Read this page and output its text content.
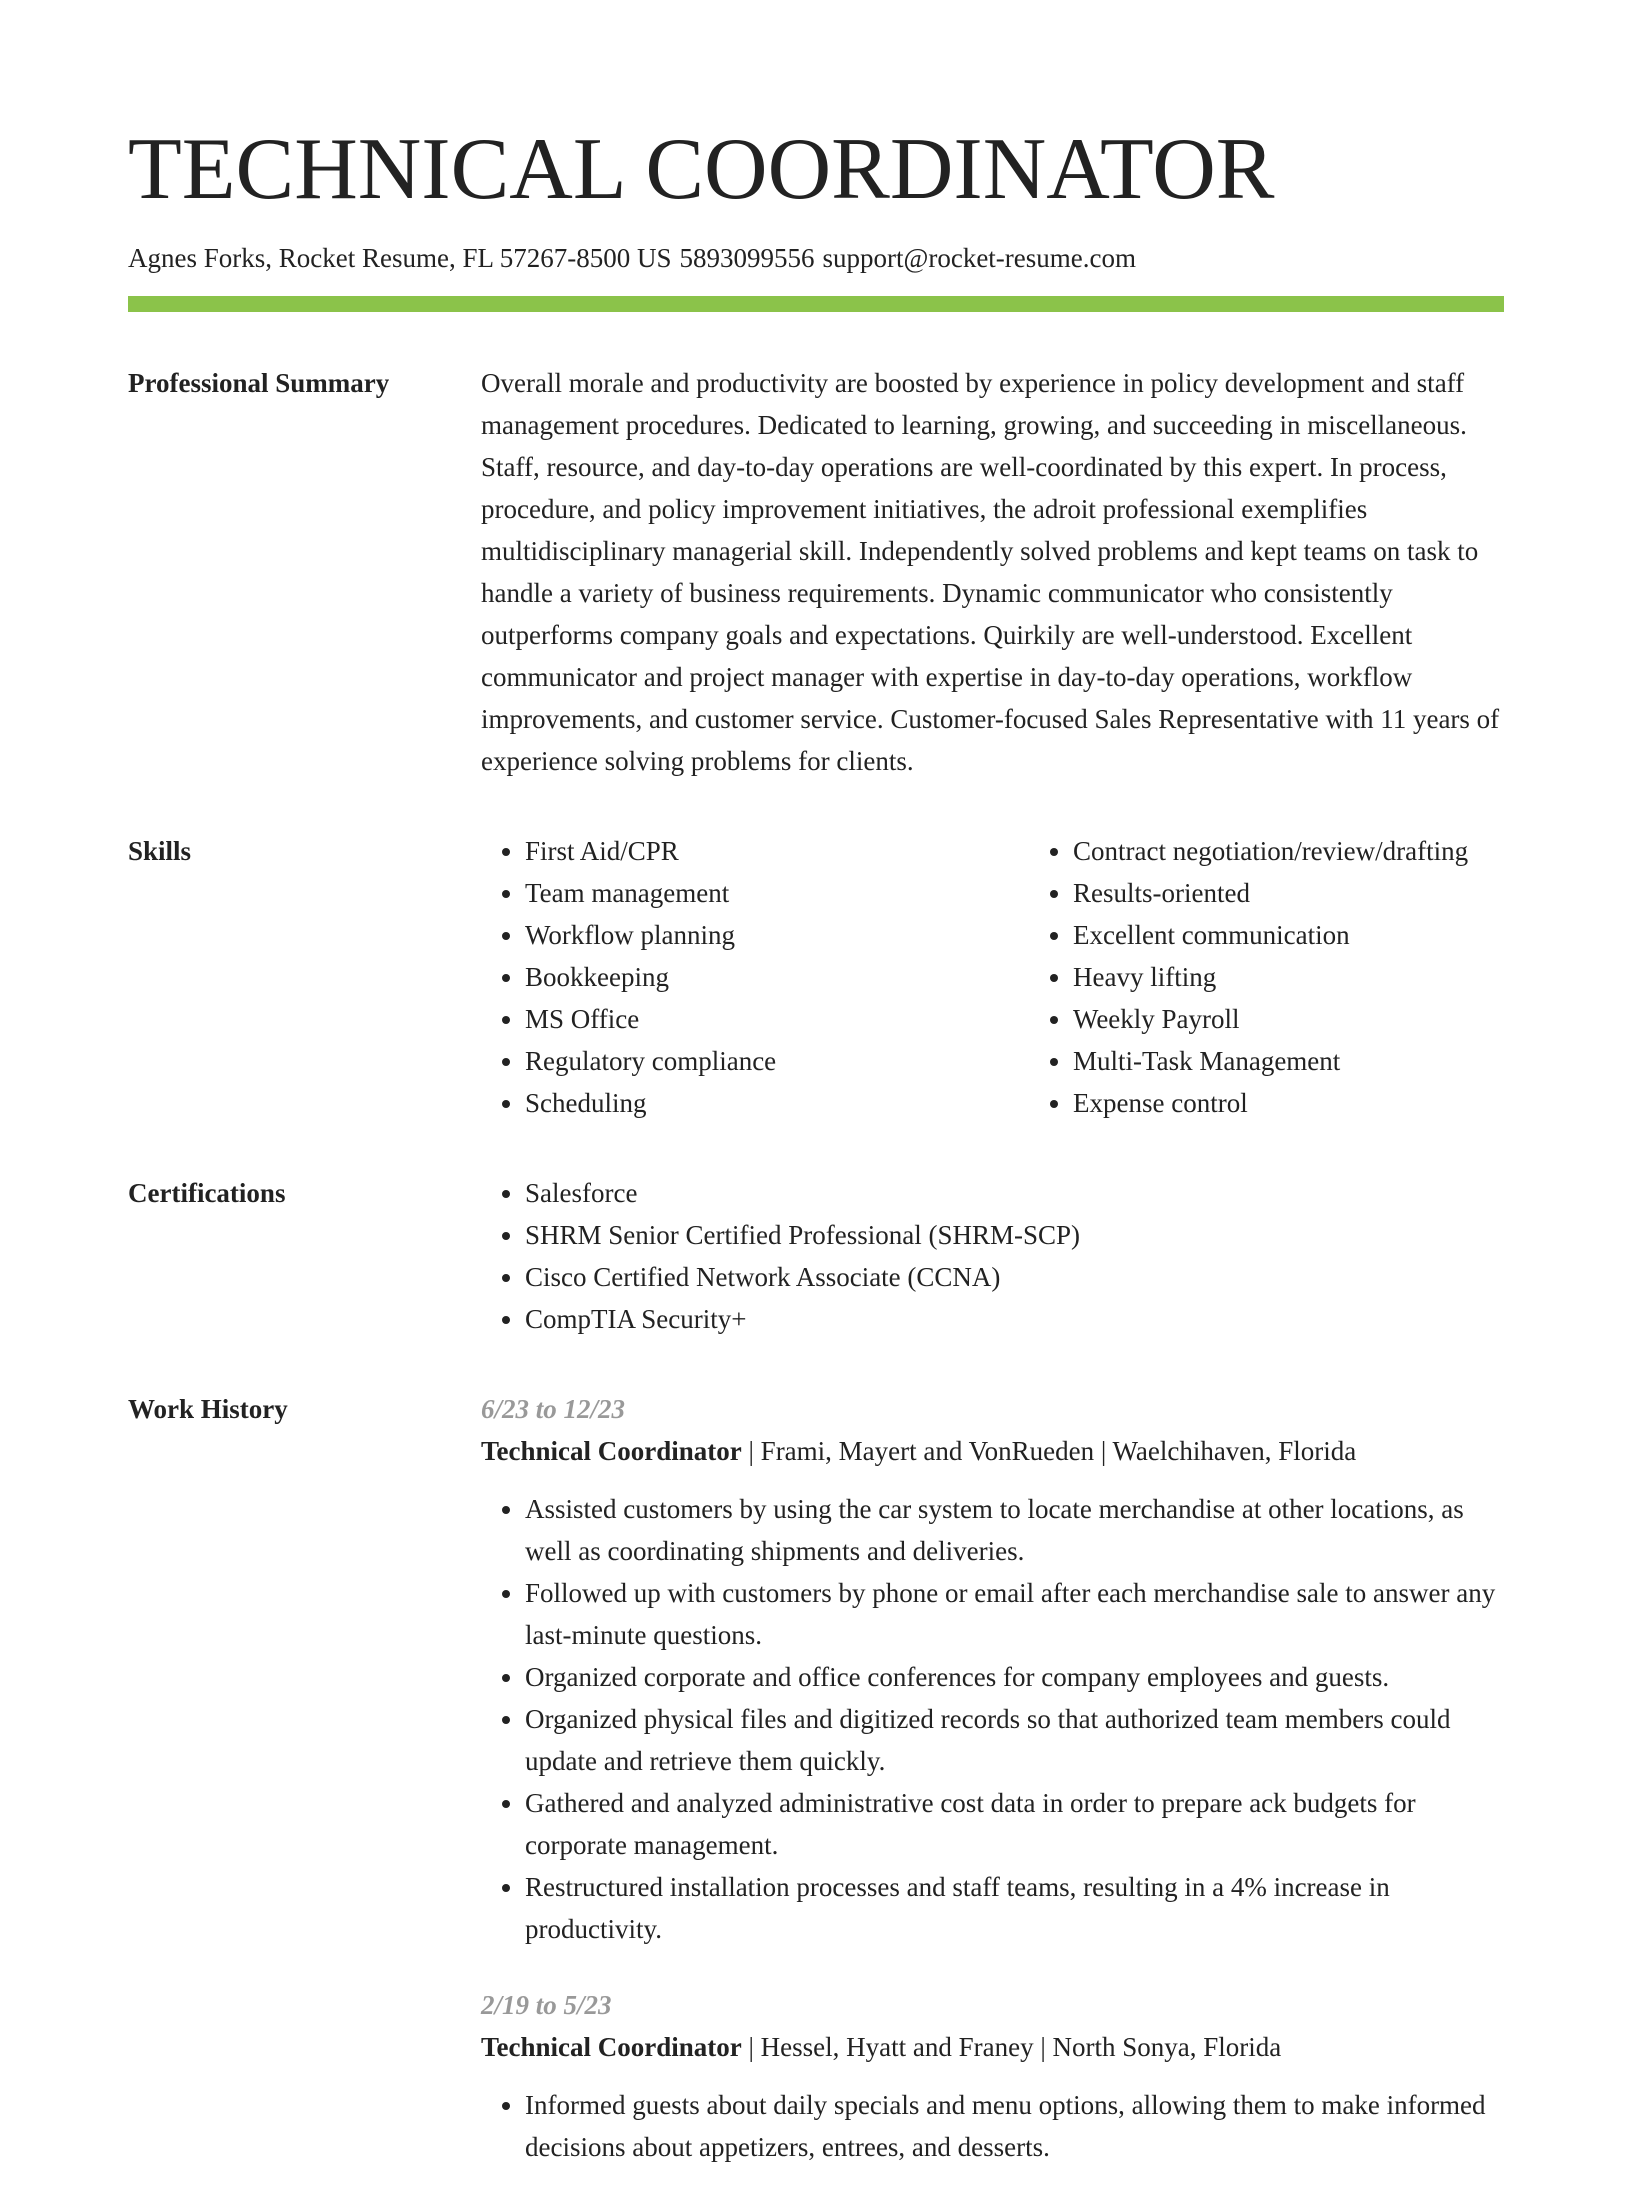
TECHNICAL COORDINATOR
Agnes Forks, Rocket Resume, FL 57267-8500 US 5893099556 support@rocket-resume.com
Professional Summary	Overall morale and productivity are boosted by experience in policy development and staff management procedures. Dedicated to learning, growing, and succeeding in miscellaneous. Staff, resource, and day-to-day operations are well-coordinated by this expert. In process, procedure, and policy improvement initiatives, the adroit professional exemplifies multidisciplinary managerial skill. Independently solved problems and kept teams on task to handle a variety of business requirements. Dynamic communicator who consistently outperforms company goals and expectations. Quirkily are well-understood. Excellent communicator and project manager with expertise in day-to-day operations, workflow improvements, and customer service. Customer-focused Sales Representative with 11 years of experience solving problems for clients.

Skills	• First Aid/CPR
• Team management
• Workflow planning
• Bookkeeping
• MS Office
• Regulatory compliance
• Scheduling
• Contract negotiation/review/drafting
• Results-oriented
• Excellent communication
• Heavy lifting
• Weekly Payroll
• Multi-Task Management
• Expense control
Certifications	• Salesforce
• SHRM Senior Certified Professional (SHRM-SCP)
• Cisco Certified Network Associate (CCNA)
• CompTIA Security+
Work History	6/23 to 12/23
Technical Coordinator | Frami, Mayert and VonRueden | Waelchihaven, Florida
• Assisted customers by using the car system to locate merchandise at other locations, as well as coordinating shipments and deliveries.
• Followed up with customers by phone or email after each merchandise sale to answer any last-minute questions.
• Organized corporate and office conferences for company employees and guests.
• Organized physical files and digitized records so that authorized team members could update and retrieve them quickly.
• Gathered and analyzed administrative cost data in order to prepare ack budgets for corporate management.
• Restructured installation processes and staff teams, resulting in a 4% increase in productivity.
2/19 to 5/23
Technical Coordinator | Hessel, Hyatt and Franey | North Sonya, Florida
• Informed guests about daily specials and menu options, allowing them to make informed decisions about appetizers, entrees, and desserts.
